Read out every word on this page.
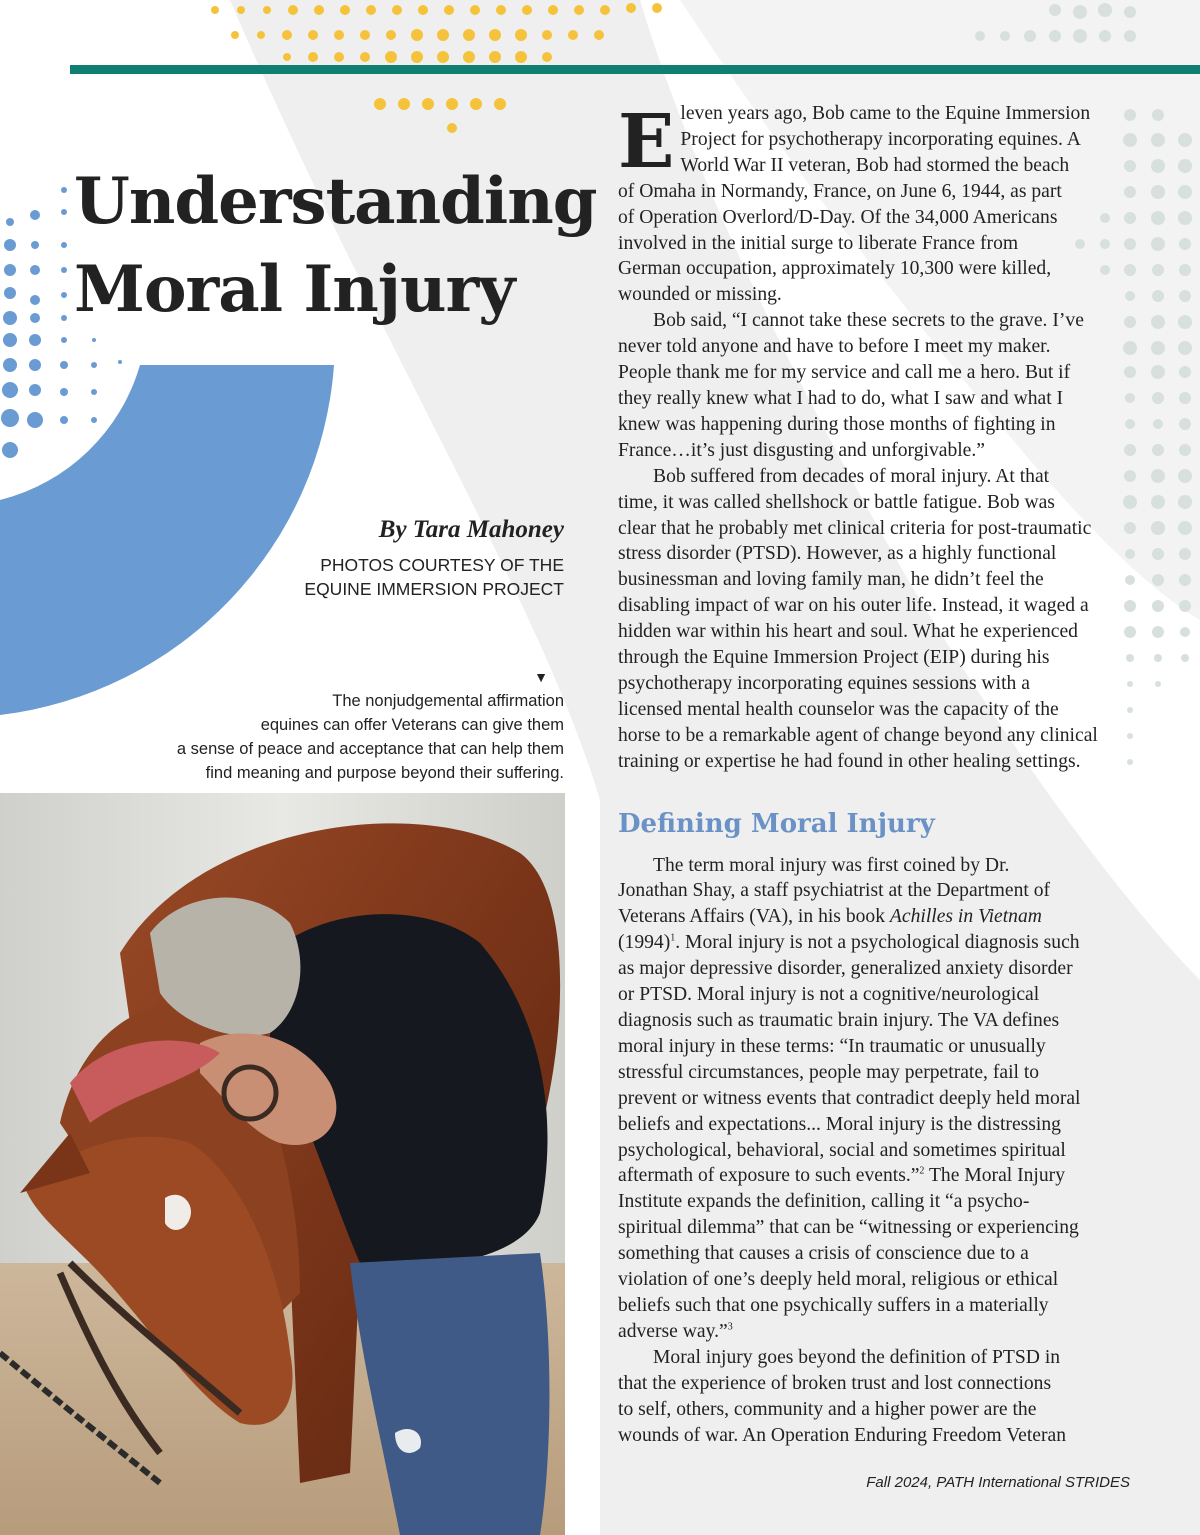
Understanding
Moral Injury
By Tara Mahoney
PHOTOS COURTESY OF THE
EQUINE IMMERSION PROJECT
▼
The nonjudgemental affirmation
equines can offer Veterans can give them
a sense of peace and acceptance that can help them
find meaning and purpose beyond their suffering.

E leven years ago, Bob came to the Equine Immersion
Project for psychotherapy incorporating equines. A
World War II veteran, Bob had stormed the beach
of Omaha in Normandy, France, on June 6, 1944, as part
of Operation Overlord/D-Day. Of the 34,000 Americans
involved in the initial surge to liberate France from
German occupation, approximately 10,300 were killed,
wounded or missing.

Bob said, “I cannot take these secrets to the grave. I’ve
never told anyone and have to before I meet my maker.
People thank me for my service and call me a hero. But if
they really knew what I had to do, what I saw and what I
knew was happening during those months of fighting in
France…it’s just disgusting and unforgivable.”

Bob suffered from decades of moral injury. At that
time, it was called shellshock or battle fatigue. Bob was
clear that he probably met clinical criteria for post-traumatic
stress disorder (PTSD). However, as a highly functional
businessman and loving family man, he didn’t feel the
disabling impact of war on his outer life. Instead, it waged a
hidden war within his heart and soul. What he experienced
through the Equine Immersion Project (EIP) during his
psychotherapy incorporating equines sessions with a
licensed mental health counselor was the capacity of the
horse to be a remarkable agent of change beyond any clinical
training or expertise he had found in other healing settings.

Defining Moral Injury

The term moral injury was first coined by Dr.
Jonathan Shay, a staff psychiatrist at the Department of
Veterans Affairs (VA), in his book Achilles in Vietnam
$(1994)^1$. Moral injury is not a psychological diagnosis such
as major depressive disorder, generalized anxiety disorder
or PTSD. Moral injury is not a cognitive/neurological
diagnosis such as traumatic brain injury. The VA defines
moral injury in these terms: “In traumatic or unusually
stressful circumstances, people may perpetrate, fail to
prevent or witness events that contradict deeply held moral
beliefs and expectations... Moral injury is the distressing
psychological, behavioral, social and sometimes spiritual
aftermath of exposure to such events.”$^2$ The Moral Injury
Institute expands the definition, calling it “a psycho-
spiritual dilemma” that can be “witnessing or experiencing
something that causes a crisis of conscience due to a
violation of one’s deeply held moral, religious or ethical
beliefs such that one psychically suffers in a materially
adverse way.”$^3$

Moral injury goes beyond the definition of PTSD in
that the experience of broken trust and lost connections
to self, others, community and a higher power are the
wounds of war. An Operation Enduring Freedom Veteran

Fall 2024, PATH International STRIDES
